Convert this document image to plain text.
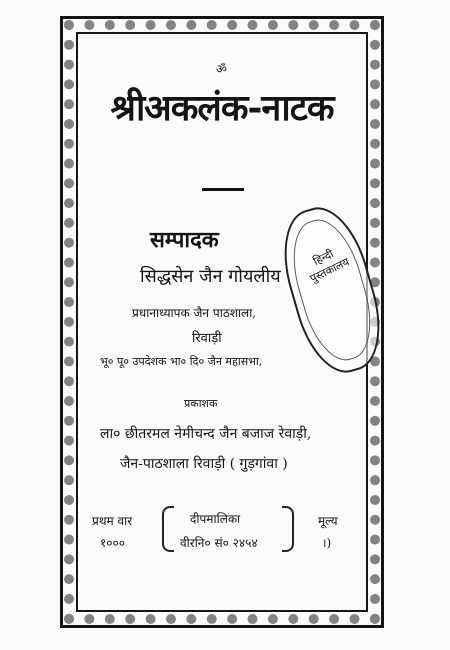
ॐ
श्रीअकलंक-नाटक
सम्पादक
सिद्धसेन जैन गोयलीय
प्रधानाध्यापक जैन पाठशाला,
रिवाड़ी
भू० पू० उपदेशक भा० दि० जैन महासभा,
प्रकाशक
ला० छीतरमल नेमीचन्द जैन बजाज रेवाड़ी,
जैन-पाठशाला रिवाड़ी ( गुड़गांवा )
प्रथम वार
१०००
दीपमालिका
वीरनि० सं० २४५४
मूल्य
।)
हिन्दी पुस्तकालय
